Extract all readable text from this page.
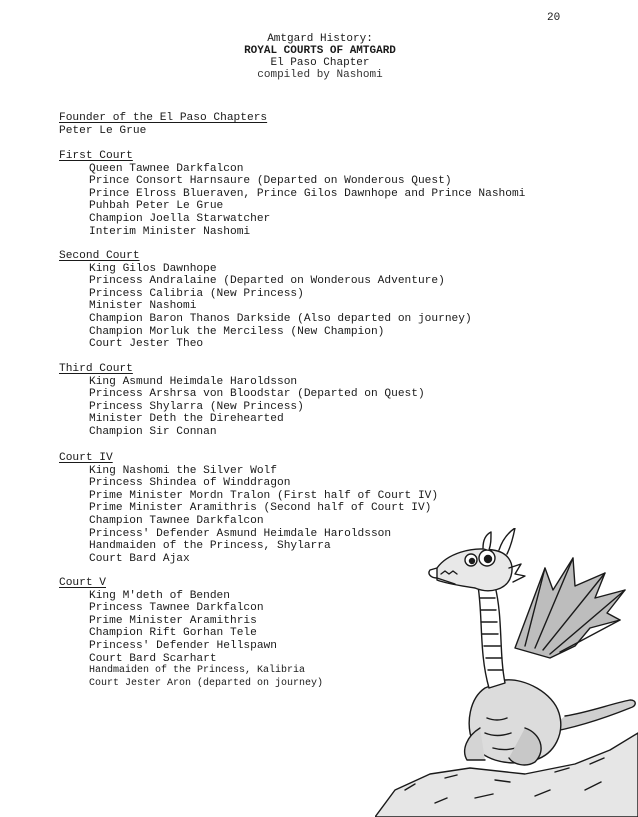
20
Amtgard History:
ROYAL COURTS OF AMTGARD
El Paso Chapter
compiled by Nashomi
Founder of the El Paso Chapters
Peter Le Grue
First Court
Queen Tawnee Darkfalcon
Prince Consort Harnsaure (Departed on Wonderous Quest)
Prince Elross Blueraven, Prince Gilos Dawnhope and Prince Nashomi
Puhbah Peter Le Grue
Champion Joella Starwatcher
Interim Minister Nashomi
Second Court
King Gilos Dawnhope
Princess Andralaine (Departed on Wonderous Adventure)
Princess Calibria (New Princess)
Minister Nashomi
Champion Baron Thanos Darkside (Also departed on journey)
Champion Morluk the Merciless (New Champion)
Court Jester Theo
Third Court
King Asmund Heimdale Haroldsson
Princess Arshrsa von Bloodstar (Departed on Quest)
Princess Shylarra (New Princess)
Minister Deth the Direhearted
Champion Sir Connan
Court IV
King Nashomi the Silver Wolf
Princess Shindea of Winddragon
Prime Minister Mordn Tralon (First half of Court IV)
Prime Minister Aramithris (Second half of Court IV)
Champion Tawnee Darkfalcon
Princess' Defender Asmund Heimdale Haroldsson
Handmaiden of the Princess, Shylarra
Court Bard Ajax
Court V
King M'deth of Benden
Princess Tawnee Darkfalcon
Prime Minister Aramithris
Champion Rift Gorhan Tele
Princess' Defender Hellspawn
Court Bard Scarhart
Handmaiden of the Princess, Kalibria
Court Jester Aron (departed on journey)
